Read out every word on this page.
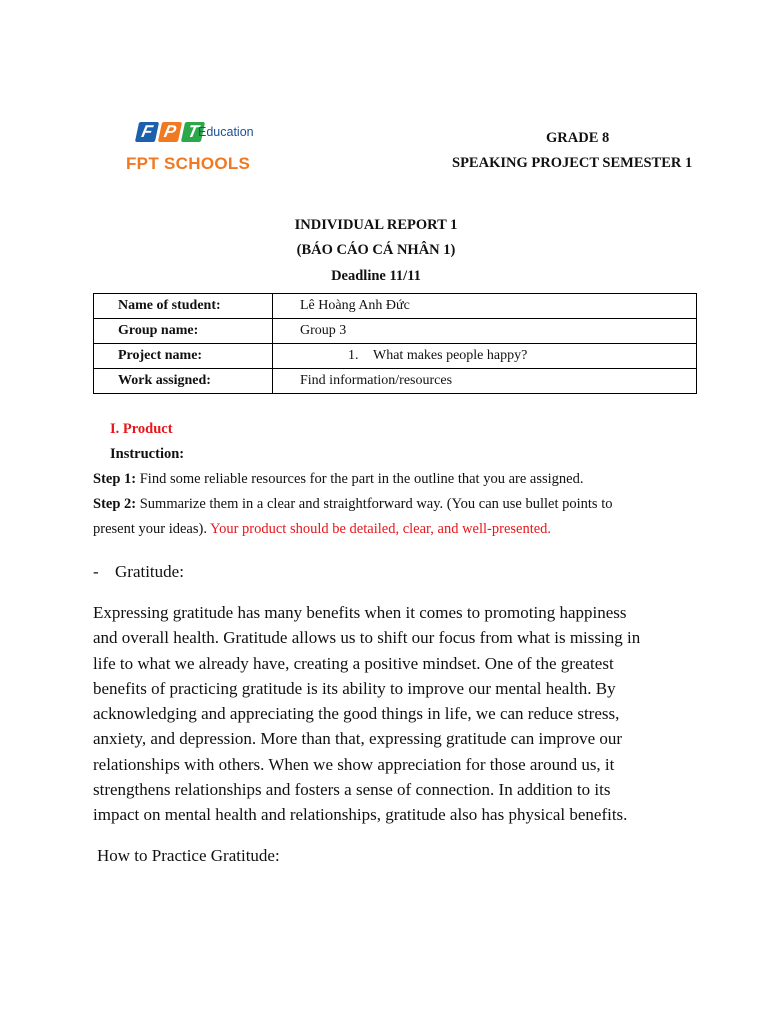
F P T
Education
FPT SCHOOLS
GRADE 8
SPEAKING PROJECT SEMESTER 1
INDIVIDUAL REPORT 1
(BÁO CÁO CÁ NHÂN 1)
Deadline 11/11
Name of student:	Lê Hoàng Anh Đức
Group name:	Group 3
Project name:	1. What makes people happy?
Work assigned:	Find information/resources
I. Product
Instruction:
Step 1: Find some reliable resources for the part in the outline that you are assigned.
Step 2: Summarize them in a clear and straightforward way. (You can use bullet points to
present your ideas). Your product should be detailed, clear, and well-presented.
- Gratitude:
Expressing gratitude has many benefits when it comes to promoting happiness
and overall health. Gratitude allows us to shift our focus from what is missing in
life to what we already have, creating a positive mindset. One of the greatest
benefits of practicing gratitude is its ability to improve our mental health. By
acknowledging and appreciating the good things in life, we can reduce stress,
anxiety, and depression. More than that, expressing gratitude can improve our
relationships with others. When we show appreciation for those around us, it
strengthens relationships and fosters a sense of connection. In addition to its
impact on mental health and relationships, gratitude also has physical benefits.
How to Practice Gratitude:
